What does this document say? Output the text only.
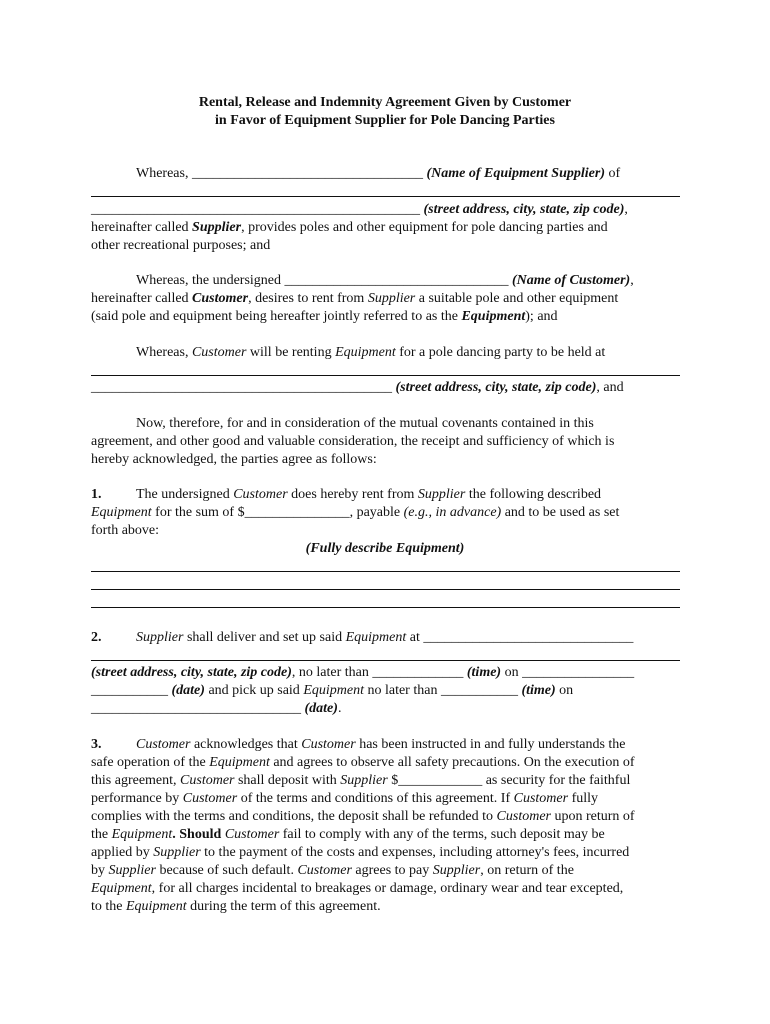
Rental, Release and Indemnity Agreement Given by Customer
in Favor of Equipment Supplier for Pole Dancing Parties
Whereas, _________________________________ (Name of Equipment Supplier) of
_______________________________________________ (street address, city, state, zip code),
hereinafter called Supplier, provides poles and other equipment for pole dancing parties and
other recreational purposes; and
Whereas, the undersigned ________________________________ (Name of Customer),
hereinafter called Customer, desires to rent from Supplier a suitable pole and other equipment
(said pole and equipment being hereafter jointly referred to as the Equipment); and
Whereas, Customer will be renting Equipment for a pole dancing party to be held at
___________________________________________ (street address, city, state, zip code), and
Now, therefore, for and in consideration of the mutual covenants contained in this
agreement, and other good and valuable consideration, the receipt and sufficiency of which is
hereby acknowledged, the parties agree as follows:
1. The undersigned Customer does hereby rent from Supplier the following described
Equipment for the sum of $_______________, payable (e.g., in advance) and to be used as set
forth above:
(Fully describe Equipment)
2. Supplier shall deliver and set up said Equipment at ______________________________
(street address, city, state, zip code), no later than _____________ (time) on ________________
___________ (date) and pick up said Equipment no later than ___________ (time) on
______________________________ (date).
3. Customer acknowledges that Customer has been instructed in and fully understands the
safe operation of the Equipment and agrees to observe all safety precautions. On the execution of
this agreement, Customer shall deposit with Supplier $____________ as security for the faithful
performance by Customer of the terms and conditions of this agreement. If Customer fully
complies with the terms and conditions, the deposit shall be refunded to Customer upon return of
the Equipment. Should Customer fail to comply with any of the terms, such deposit may be
applied by Supplier to the payment of the costs and expenses, including attorney's fees, incurred
by Supplier because of such default. Customer agrees to pay Supplier, on return of the
Equipment, for all charges incidental to breakages or damage, ordinary wear and tear excepted,
to the Equipment during the term of this agreement.
